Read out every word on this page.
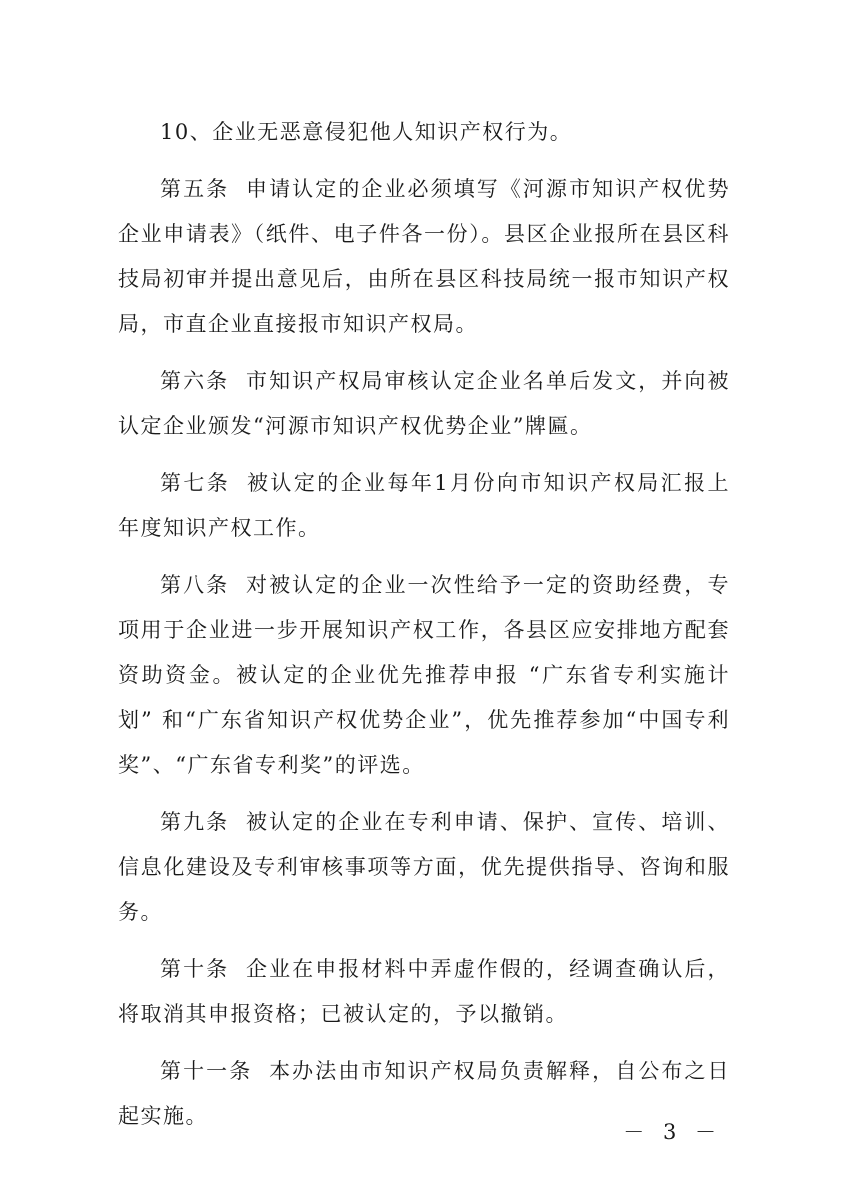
10、企业无恶意侵犯他人知识产权行为。

第五条 申请认定的企业必须填写《河源市知识产权优势企业申请表》（纸件、电子件各一份）。县区企业报所在县区科技局初审并提出意见后，由所在县区科技局统一报市知识产权局，市直企业直接报市知识产权局。

第六条 市知识产权局审核认定企业名单后发文，并向被认定企业颁发“河源市知识产权优势企业”牌匾。

第七条 被认定的企业每年1月份向市知识产权局汇报上年度知识产权工作。

第八条 对被认定的企业一次性给予一定的资助经费，专项用于企业进一步开展知识产权工作，各县区应安排地方配套资助资金。被认定的企业优先推荐申报 “广东省专利实施计划” 和“广东省知识产权优势企业”，优先推荐参加“中国专利奖”、“广东省专利奖”的评选。

第九条 被认定的企业在专利申请、保护、宣传、培训、信息化建设及专利审核事项等方面，优先提供指导、咨询和服务。

第十条 企业在申报材料中弄虚作假的，经调查确认后，将取消其申报资格；已被认定的，予以撤销。

第十一条 本办法由市知识产权局负责解释，自公布之日起实施。

－ 3 －
